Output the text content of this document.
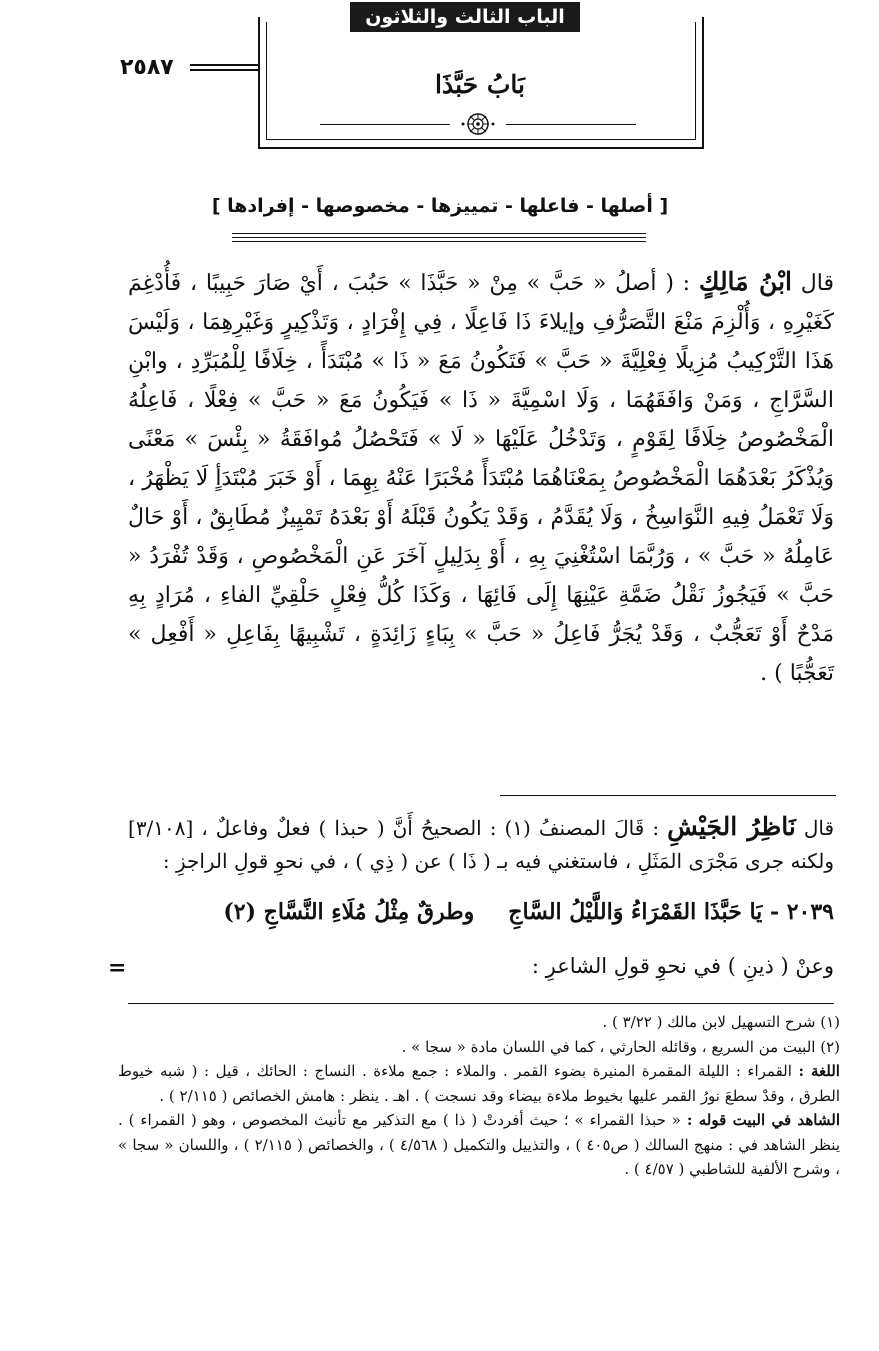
الباب الثالث والثلاثون
٢٥٨٧
بَابُ حَبَّذَا
[ أصلها - فاعلها - تمييزها - مخصوصها - إفرادها ]

قال ابْنُ مَالِكٍ : ( أصلُ « حَبَّ » مِنْ « حَبَّذَا » حَبُبَ ، أَيْ صَارَ حَبِيبًا ، فَأُدْغِمَ كَغَيْرِهِ ، وَأُلْزِمَ مَنْعَ التَّصَرُّفِ وإيلاءَ ذَا فَاعِلًا ، فِي إِفْرَادٍ ، وَتَذْكِيرٍ وَغَيْرِهِمَا ، وَلَيْسَ هَذَا التَّرْكِيبُ مُزِيلًا فِعْلِيَّةَ « حَبَّ » فَتَكُونُ مَعَ « ذَا » مُبْتَدَأً ، خِلَافًا لِلْمُبَرِّدِ ، وابْنِ السَّرَّاجِ ، وَمَنْ وَافَقَهُمَا ، وَلَا اسْمِيَّةَ « ذَا » فَيَكُونُ مَعَ « حَبَّ » فِعْلًا ، فَاعِلُهُ الْمَخْصُوصُ خِلَافًا لِقَوْمٍ ، وَتَدْخُلُ عَلَيْهَا « لَا » فَتَحْصُلُ مُوافَقَةُ « بِئْسَ » مَعْنًى وَيُذْكَرُ بَعْدَهُمَا الْمَخْصُوصُ بِمَعْنَاهُمَا مُبْتَدَأً مُخْبَرًا عَنْهُ بِهِمَا ، أَوْ خَبَرَ مُبْتَدَأٍ لَا يَظْهَرُ ، وَلَا تَعْمَلُ فِيهِ النَّوَاسِخُ ، وَلَا يُقَدَّمُ ، وَقَدْ يَكُونُ قَبْلَهُ أَوْ بَعْدَهُ تَمْيِيزٌ مُطَابِقٌ ، أَوْ حَالٌ عَامِلُهُ « حَبَّ » ، وَرُبَّمَا اسْتُغْنِيَ بِهِ ، أَوْ بِدَلِيلٍ آخَرَ عَنِ الْمَخْصُوصِ ، وَقَدْ تُفْرَدُ « حَبَّ » فَيَجُوزُ نَقْلُ ضَمَّةِ عَيْنِهَا إِلَى فَائِهَا ، وَكَذَا كُلُّ فِعْلٍ حَلْقِيِّ الفاءِ ، مُرَادٍ بِهِ مَدْحٌ أَوْ تَعَجُّبٌ ، وَقَدْ يُجَرُّ فَاعِلُ « حَبَّ » بِبَاءٍ زَائِدَةٍ ، تَشْبِيهًا بِفَاعِلِ « أَفْعِل » تَعَجُّبًا ) .

قال نَاظِرُ الجَيْشِ : قَالَ المصنفُ (١) : الصحيحُ أَنَّ ( حبذا ) فعلٌ وفاعلٌ ، [٣/١٠٨] ولكنه جرى مَجْرَى المَثَلِ ، فاستغني فيه بـ ( ذَا ) عن ( ذِي ) ، في نحوِ قولِ الراجزِ :

٢٠٣٩ - يَا حَبَّذَا القَمْرَاءُ وَاللَّيْلُ السَّاجِوطرقٌ مِثْلُ مُلَاءِ النَّسَّاجِ (٢)
وعنْ ( ذينِ ) في نحوِ قولِ الشاعرِ :
=

(١) شرح التسهيل لابن مالك ( ٣/٢٢ ) .

(٢) البيت من السريع ، وقائله الحارثي ، كما في اللسان مادة « سجا » .

اللغة : القمراء : الليلة المقمرة المنيرة بضوء القمر . والملاء : جمع ملاءة . النساج : الحائك ، قيل : ( شبه خيوط الطرق ، وقدْ سطعَ نورُ القمر عليها بخيوط ملاءة بيضاء وقد نسجت ) . اهـ . ينظر : هامش الخصائص ( ٢/١١٥ ) .

الشاهد في البيت قوله : « حبذا القمراء » ؛ حيث أفردتْ ( ذا ) مع التذكير مع تأنيث المخصوص ، وهو ( القمراء ) . ينظر الشاهد في : منهج السالك ( ص٤٠٥ ) ، والتذييل والتكميل ( ٤/٥٦٨ ) ، والخصائص ( ٢/١١٥ ) ، واللسان « سجا » ، وشرح الألفية للشاطبي ( ٤/٥٧ ) .
